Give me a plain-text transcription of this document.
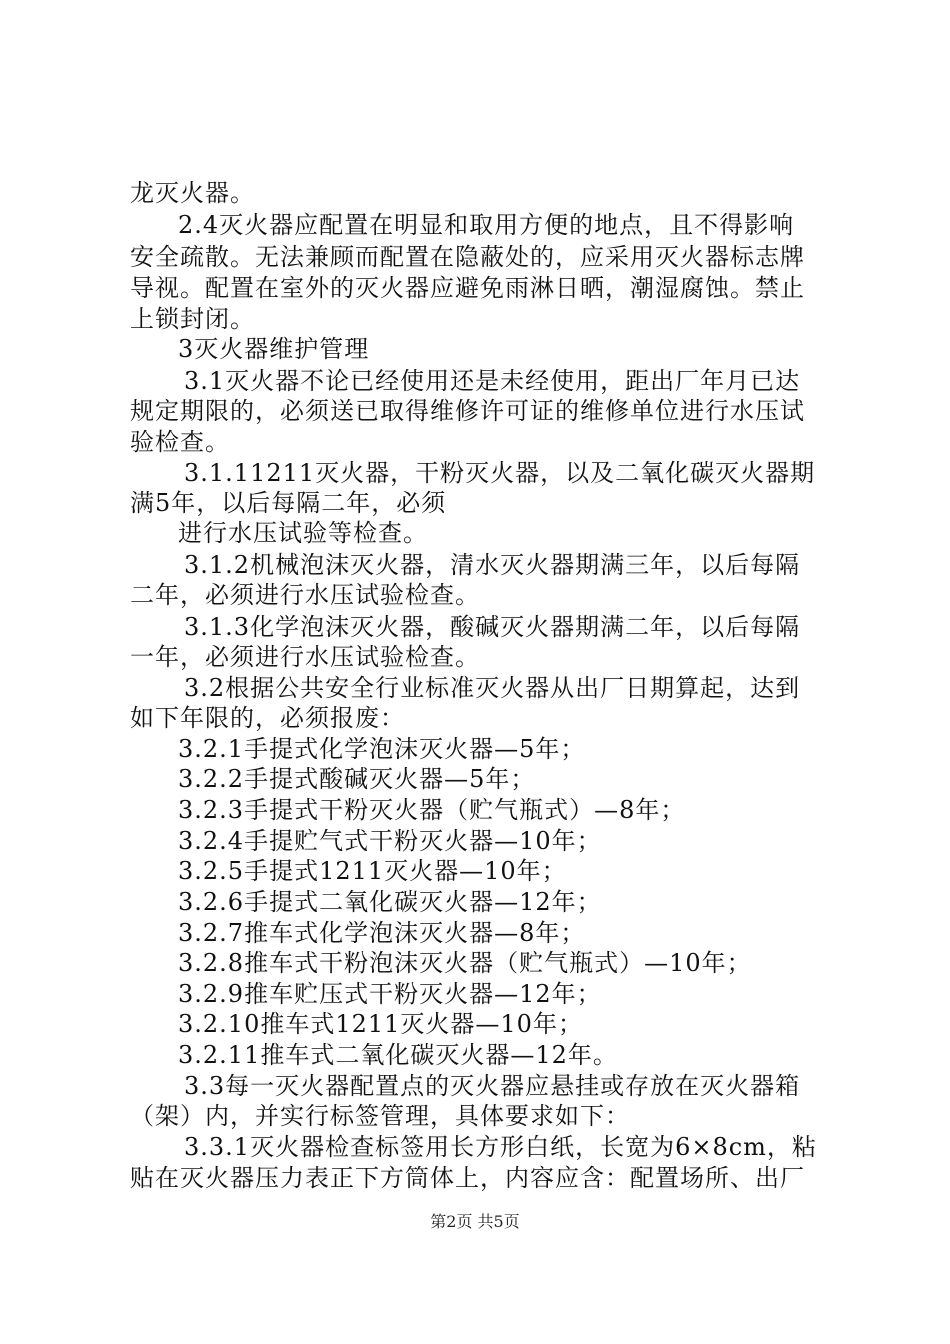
龙灭火器。
2.4灭火器应配置在明显和取用方便的地点，且不得影响
安全疏散。无法兼顾而配置在隐蔽处的，应采用灭火器标志牌
导视。配置在室外的灭火器应避免雨淋日晒，潮湿腐蚀。禁止
上锁封闭。
3灭火器维护管理
3.1灭火器不论已经使用还是未经使用，距出厂年月已达
规定期限的，必须送已取得维修许可证的维修单位进行水压试
验检查。
3.1.11211灭火器，干粉灭火器，以及二氧化碳灭火器期
满5年，以后每隔二年，必须
进行水压试验等检查。
3.1.2机械泡沫灭火器，清水灭火器期满三年，以后每隔
二年，必须进行水压试验检查。
3.1.3化学泡沫灭火器，酸碱灭火器期满二年，以后每隔
一年，必须进行水压试验检查。
3.2根据公共安全行业标准灭火器从出厂日期算起，达到
如下年限的，必须报废：
3.2.1手提式化学泡沫灭火器—5年；
3.2.2手提式酸碱灭火器—5年；
3.2.3手提式干粉灭火器（贮气瓶式）—8年；
3.2.4手提贮气式干粉灭火器—10年；
3.2.5手提式1211灭火器—10年；
3.2.6手提式二氧化碳灭火器—12年；
3.2.7推车式化学泡沫灭火器—8年；
3.2.8推车式干粉泡沫灭火器（贮气瓶式）—10年；
3.2.9推车贮压式干粉灭火器—12年；
3.2.10推车式1211灭火器—10年；
3.2.11推车式二氧化碳灭火器—12年。
3.3每一灭火器配置点的灭火器应悬挂或存放在灭火器箱
（架）内，并实行标签管理，具体要求如下：
3.3.1灭火器检查标签用长方形白纸，长宽为6×8cm，粘
贴在灭火器压力表正下方筒体上，内容应含：配置场所、出厂
第2页 共5页
